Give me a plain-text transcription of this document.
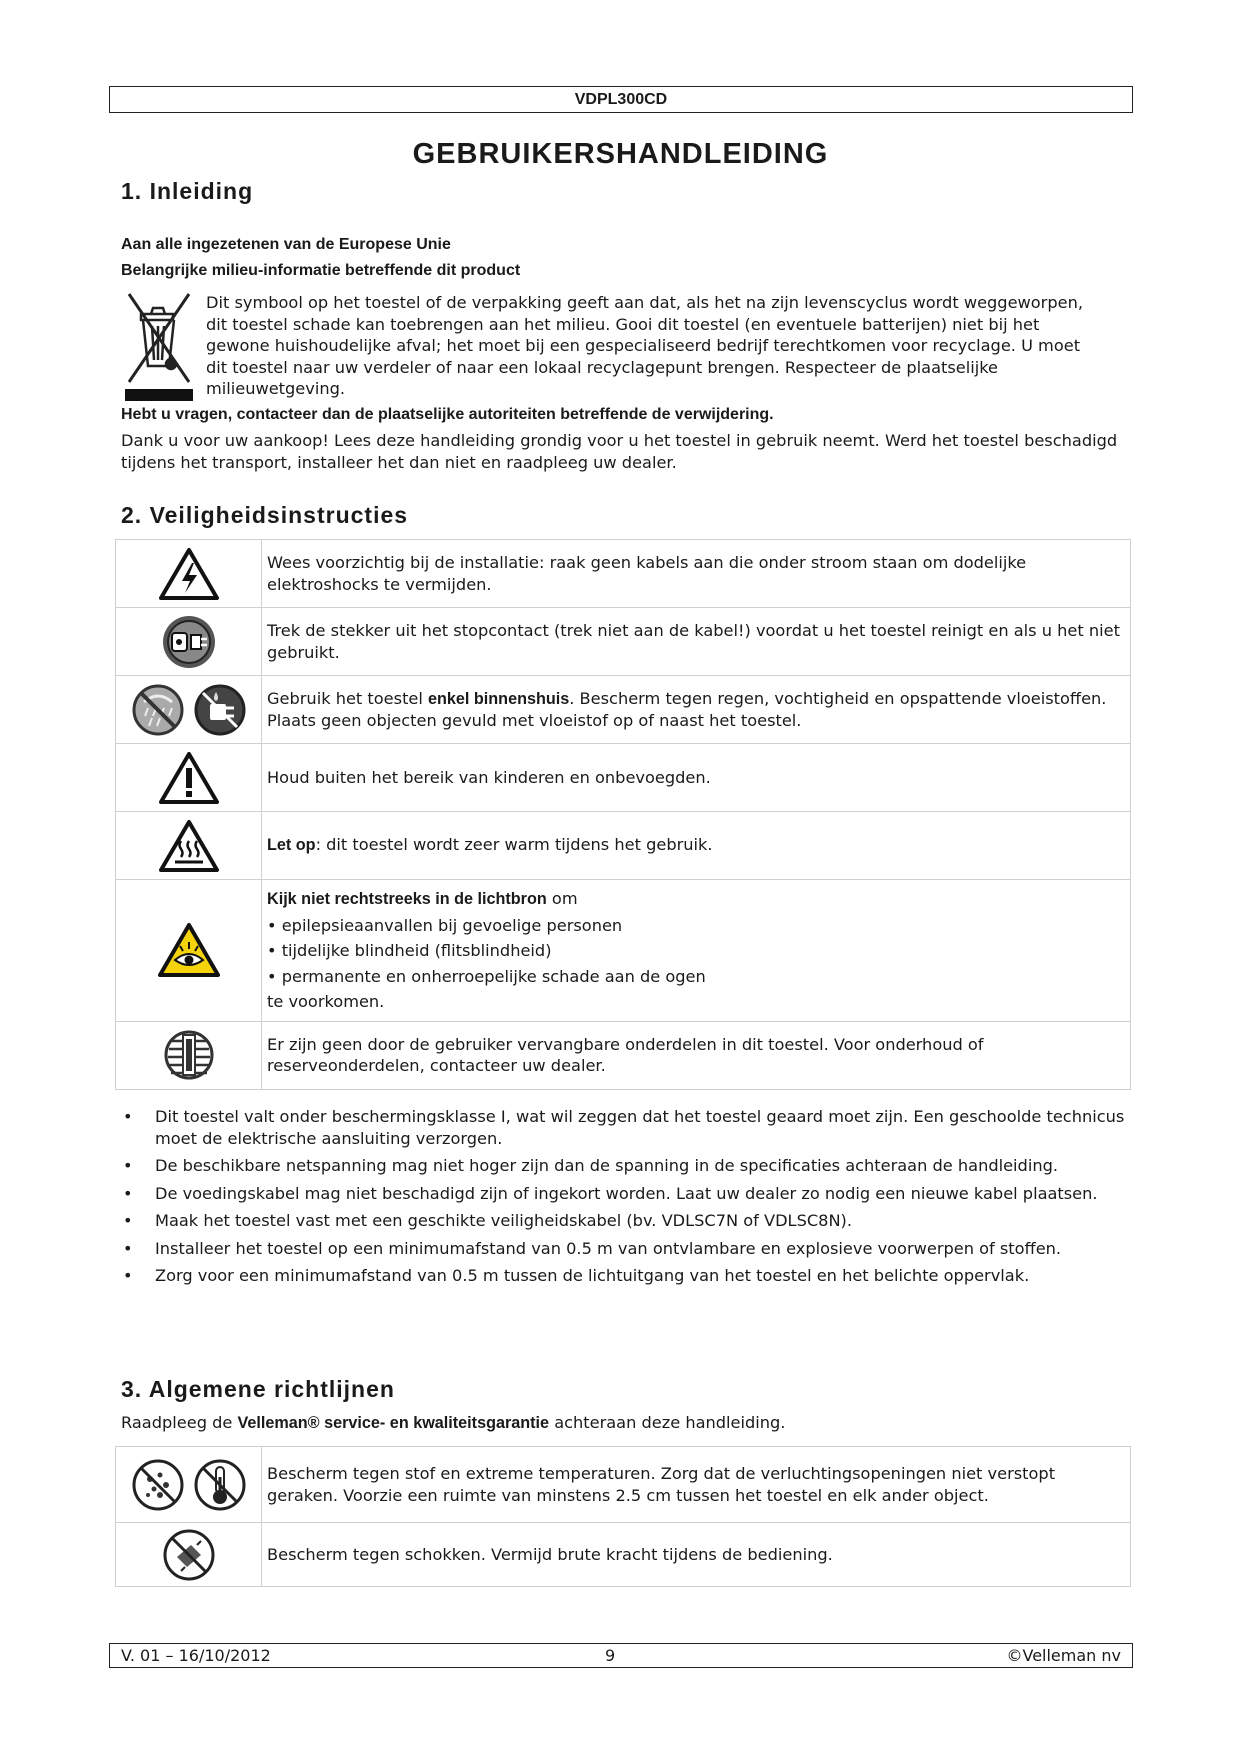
VDPL300CD
GEBRUIKERSHANDLEIDING
1. Inleiding
Aan alle ingezetenen van de Europese Unie
Belangrijke milieu-informatie betreffende dit product
Dit symbool op het toestel of de verpakking geeft aan dat, als het na zijn levenscyclus wordt weggeworpen, dit toestel schade kan toebrengen aan het milieu. Gooi dit toestel (en eventuele batterijen) niet bij het gewone huishoudelijke afval; het moet bij een gespecialiseerd bedrijf terechtkomen voor recyclage. U moet dit toestel naar uw verdeler of naar een lokaal recyclagepunt brengen. Respecteer de plaatselijke milieuwetgeving.
Hebt u vragen, contacteer dan de plaatselijke autoriteiten betreffende de verwijdering.
Dank u voor uw aankoop! Lees deze handleiding grondig voor u het toestel in gebruik neemt. Werd het toestel beschadigd tijdens het transport, installeer het dan niet en raadpleeg uw dealer.
2. Veiligheidsinstructies
	Wees voorzichtig bij de installatie: raak geen kabels aan die onder stroom staan om dodelijke elektroshocks te vermijden.

	Trek de stekker uit het stopcontact (trek niet aan de kabel!) voordat u het toestel reinigt en als u het niet gebruikt.

	Gebruik het toestel enkel binnenshuis. Bescherm tegen regen, vochtigheid en opspattende vloeistoffen. Plaats geen objecten gevuld met vloeistof op of naast het toestel.

	Houd buiten het bereik van kinderen en onbevoegden.

	Let op: dit toestel wordt zeer warm tijdens het gebruik.

Kijk niet rechtstreeks in de lichtbron om
• epilepsieaanvallen bij gevoelige personen
• tijdelijke blindheid (flitsblindheid)
• permanente en onherroepelijke schade aan de ogen
te voorkomen.

	Er zijn geen door de gebruiker vervangbare onderdelen in dit toestel. Voor onderhoud of reserveonderdelen, contacteer uw dealer.
• Dit toestel valt onder beschermingsklasse I, wat wil zeggen dat het toestel geaard moet zijn. Een geschoolde technicus moet de elektrische aansluiting verzorgen.
• De beschikbare netspanning mag niet hoger zijn dan de spanning in de specificaties achteraan de handleiding.
• De voedingskabel mag niet beschadigd zijn of ingekort worden. Laat uw dealer zo nodig een nieuwe kabel plaatsen.
• Maak het toestel vast met een geschikte veiligheidskabel (bv. VDLSC7N of VDLSC8N).
• Installeer het toestel op een minimumafstand van 0.5 m van ontvlambare en explosieve voorwerpen of stoffen.
• Zorg voor een minimumafstand van 0.5 m tussen de lichtuitgang van het toestel en het belichte oppervlak.
3. Algemene richtlijnen
Raadpleeg de Velleman® service- en kwaliteitsgarantie achteraan deze handleiding.
	Bescherm tegen stof en extreme temperaturen. Zorg dat de verluchtingsopeningen niet verstopt geraken. Voorzie een ruimte van minstens 2.5 cm tussen het toestel en elk ander object.

	Bescherm tegen schokken. Vermijd brute kracht tijdens de bediening.
V. 01 – 16/10/2012	9	©Velleman nv
